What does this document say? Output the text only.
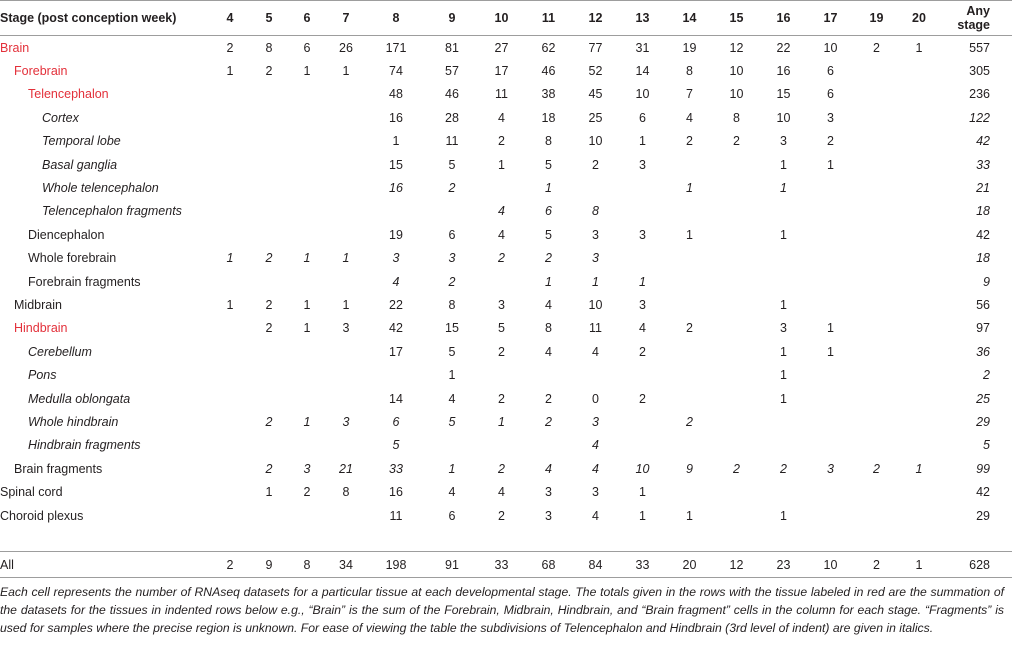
Stage (post conception week)	4	5	6	7	8	9	10	11	12	13	14	15	16	17	19	20	Any stage
Brain	2	8	6	26	171	81	27	62	77	31	19	12	22	10	2	1	557
Forebrain	1	2	1	1	74	57	17	46	52	14	8	10	16	6			305
Telencephalon					48	46	11	38	45	10	7	10	15	6			236
Cortex					16	28	4	18	25	6	4	8	10	3			122
Temporal lobe					1	11	2	8	10	1	2	2	3	2			42
Basal ganglia					15	5	1	5	2	3			1	1			33
Whole telencephalon					16	2		1			1		1				21
Telencephalon fragments							4	6	8								18
Diencephalon					19	6	4	5	3	3	1		1				42
Whole forebrain	1	2	1	1	3	3	2	2	3								18
Forebrain fragments					4	2		1	1	1							9
Midbrain	1	2	1	1	22	8	3	4	10	3			1				56
Hindbrain		2	1	3	42	15	5	8	11	4	2		3	1			97
Cerebellum					17	5	2	4	4	2			1	1			36
Pons						1							1				2
Medulla oblongata					14	4	2	2	0	2			1				25
Whole hindbrain		2	1	3	6	5	1	2	3		2						29
Hindbrain fragments					5				4								5
Brain fragments		2	3	21	33	1	2	4	4	10	9	2	2	3	2	1	99
Spinal cord		1	2	8	16	4	4	3	3	1							42
Choroid plexus					11	6	2	3	4	1	1		1				29

All	2	9	8	34	198	91	33	68	84	33	20	12	23	10	2	1	628
Each cell represents the number of RNAseq datasets for a particular tissue at each developmental stage. The totals given in the rows with the tissue labeled in red are the summation of the datasets for the tissues in indented rows below e.g., “Brain” is the sum of the Forebrain, Midbrain, Hindbrain, and “Brain fragment” cells in the column for each stage. “Fragments” is used for samples where the precise region is unknown. For ease of viewing the table the subdivisions of Telencephalon and Hindbrain (3rd level of indent) are given in italics.
